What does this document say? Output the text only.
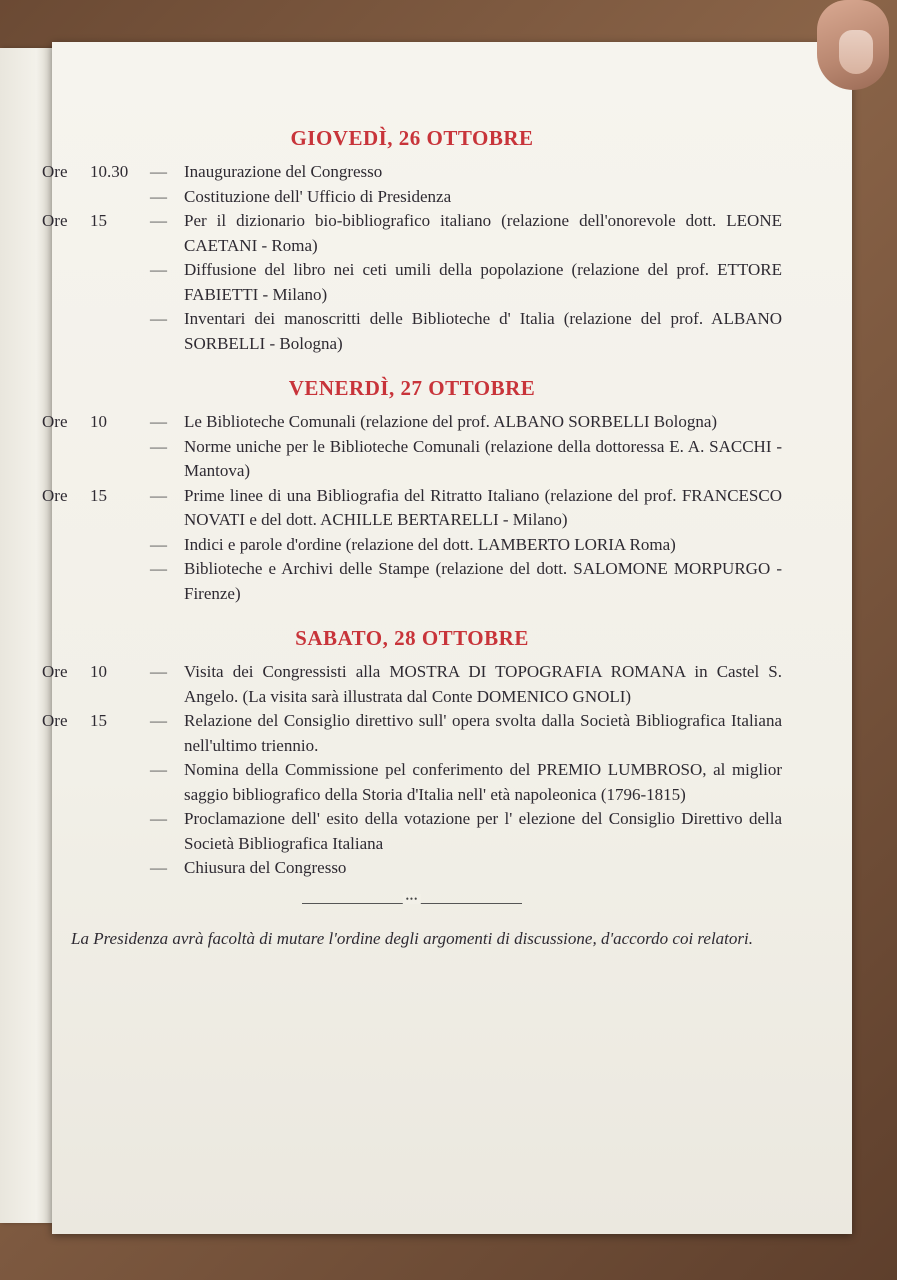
GIOVEDÌ, 26 OTTOBRE
Ore	10.30	—	Inaugurazione del Congresso
—	Costituzione dell' Ufficio di Presidenza
Ore	15	—	Per il dizionario bio-bibliografico italiano (relazione dell'onorevole dott. LEONE CAETANI - Roma)
—	Diffusione del libro nei ceti umili della popolazione (relazione del prof. ETTORE FABIETTI - Milano)
—	Inventari dei manoscritti delle Biblioteche d' Italia (relazione del prof. ALBANO SORBELLI - Bologna)
VENERDÌ, 27 OTTOBRE
Ore	10	—	Le Biblioteche Comunali (relazione del prof. ALBANO SORBELLI Bologna)
—	Norme uniche per le Biblioteche Comunali (relazione della dottoressa E. A. SACCHI - Mantova)
Ore	15	—	Prime linee di una Bibliografia del Ritratto Italiano (relazione del prof. FRANCESCO NOVATI e del dott. ACHILLE BERTARELLI - Milano)
—	Indici e parole d'ordine (relazione del dott. LAMBERTO LORIA Roma)
—	Biblioteche e Archivi delle Stampe (relazione del dott. SALOMONE MORPURGO - Firenze)
SABATO, 28 OTTOBRE
Ore	10	—	Visita dei Congressisti alla MOSTRA DI TOPOGRAFIA ROMANA in Castel S. Angelo. (La visita sarà illustrata dal Conte DOMENICO GNOLI)
Ore	15	—	Relazione del Consiglio direttivo sull' opera svolta dalla Società Bibliografica Italiana nell'ultimo triennio.
—	Nomina della Commissione pel conferimento del PREMIO LUMBROSO, al miglior saggio bibliografico della Storia d'Italia nell' età napoleonica (1796-1815)
—	Proclamazione dell' esito della votazione per l' elezione del Consiglio Direttivo della Società Bibliografica Italiana
—	Chiusura del Congresso
•••

La Presidenza avrà facoltà di mutare l'ordine degli argomenti di discussione, d'accordo coi relatori.
